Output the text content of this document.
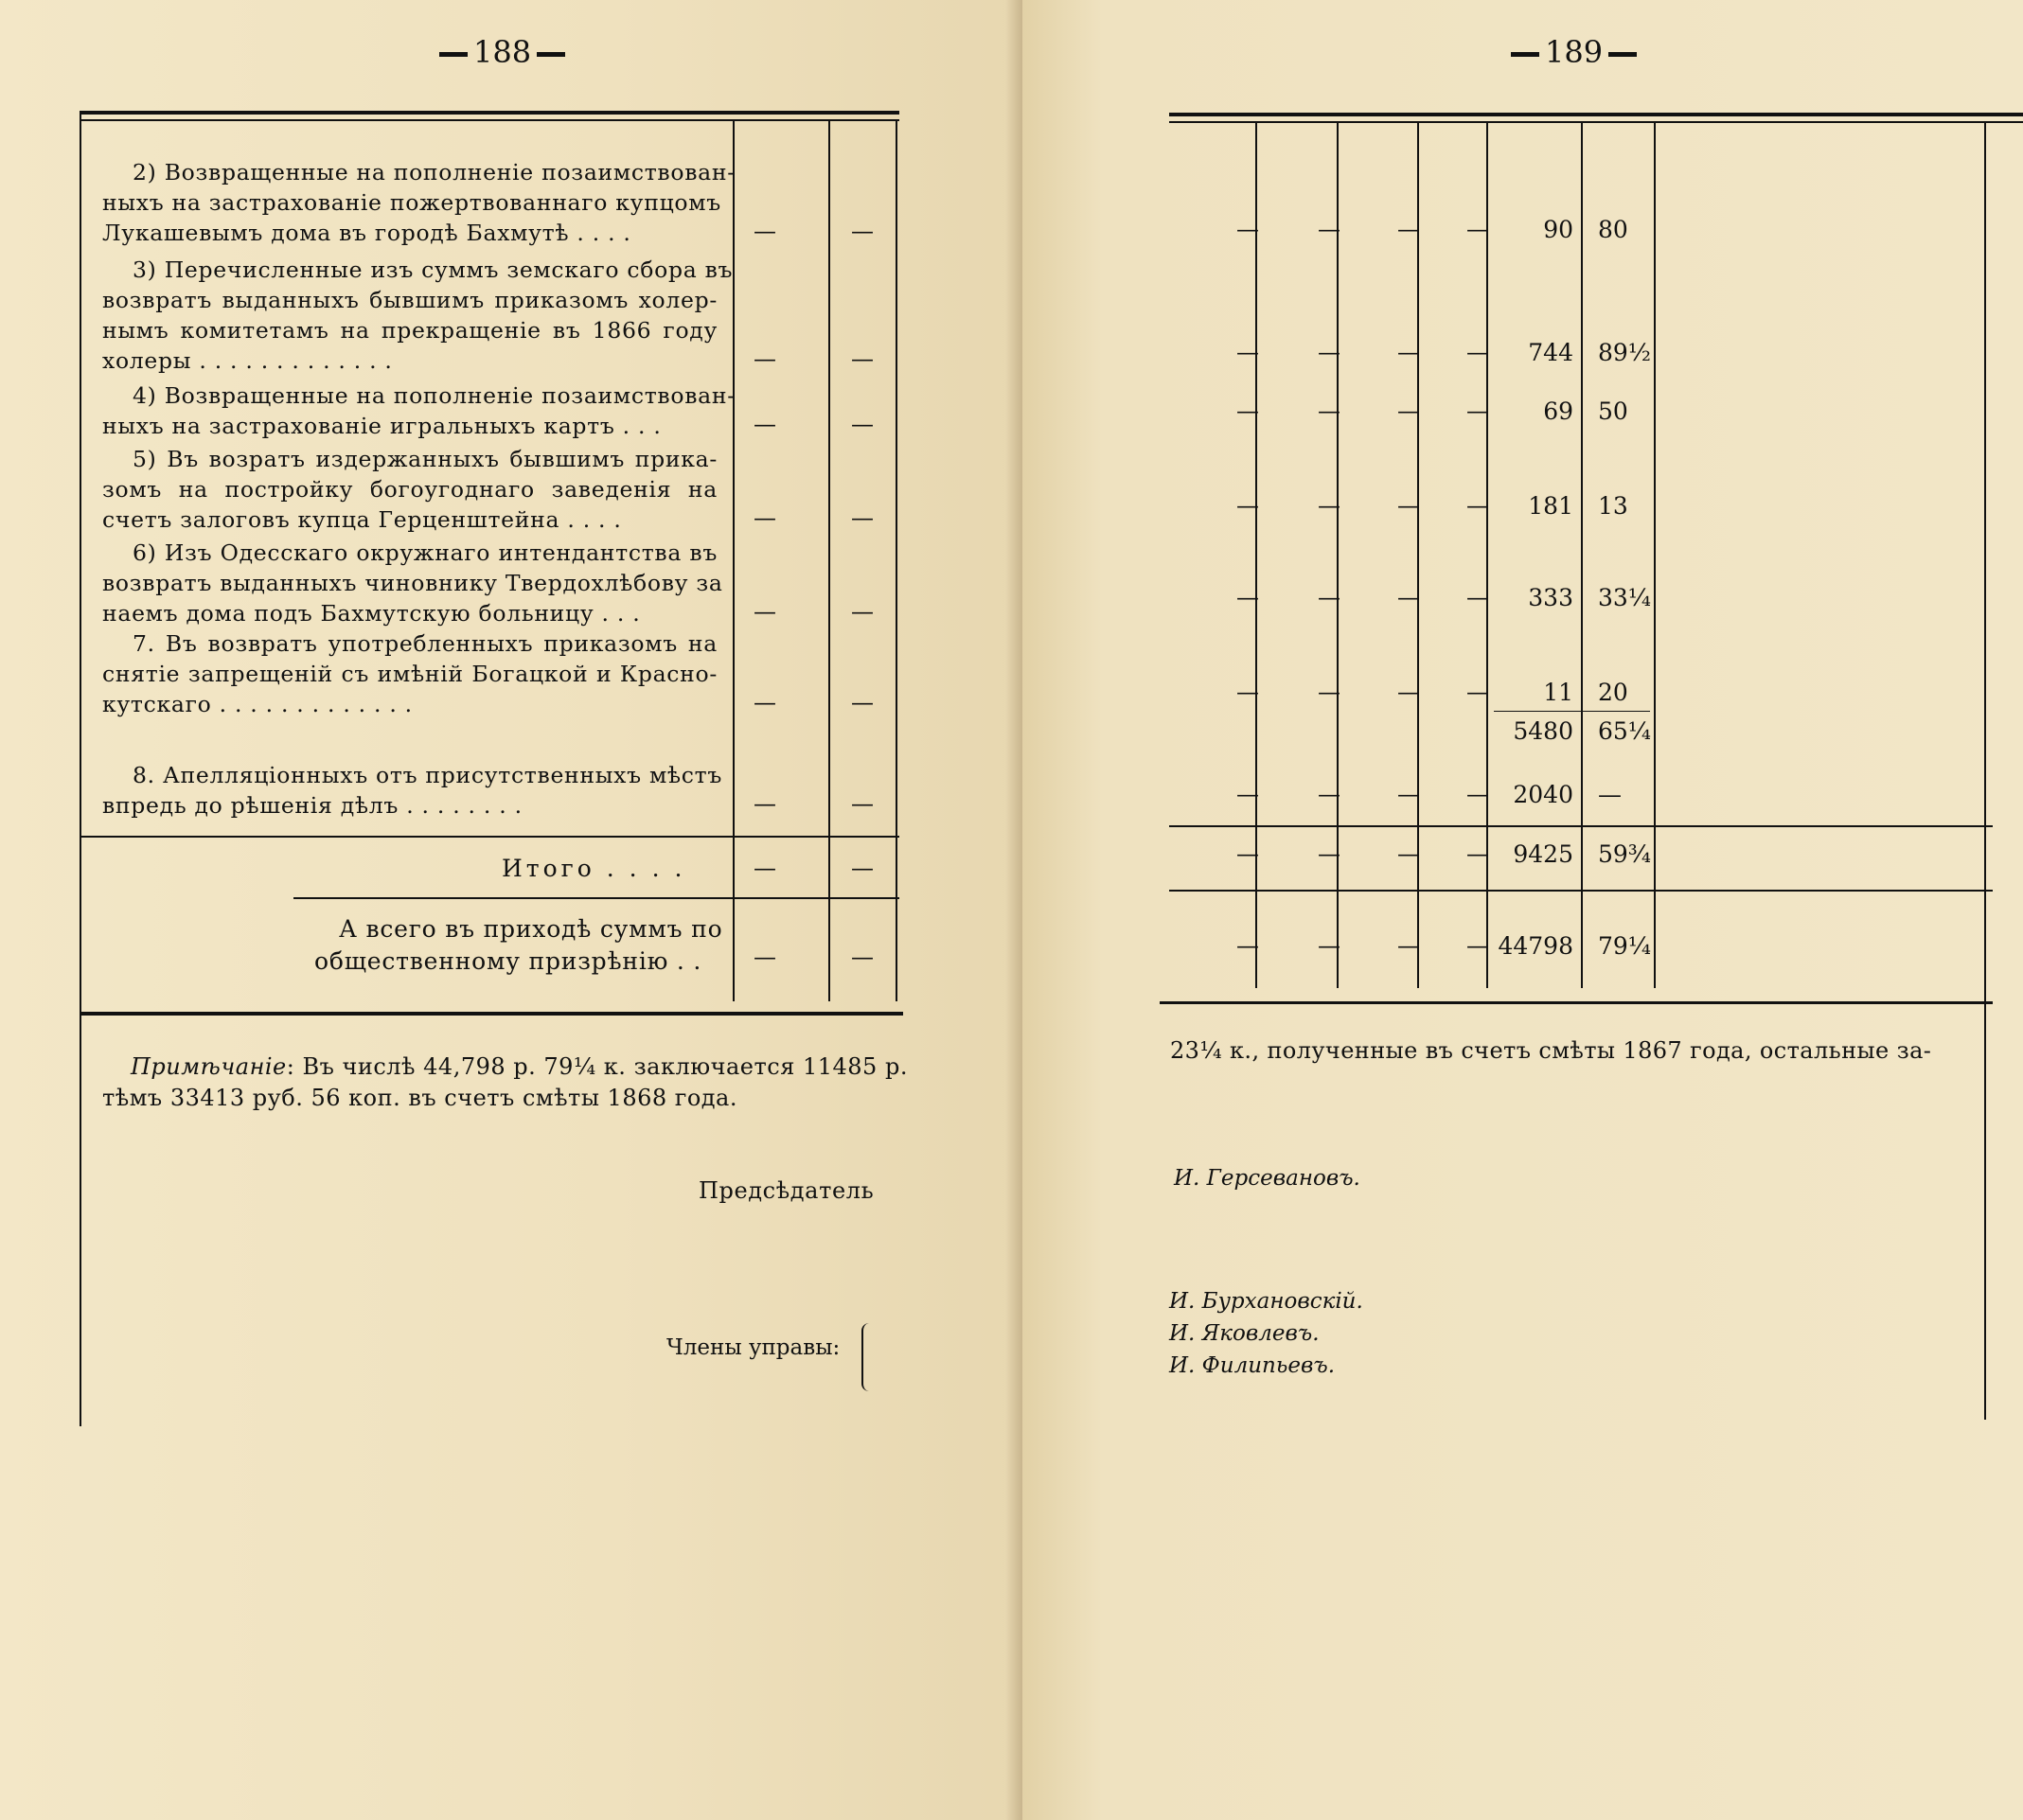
188
2) Возвращенные на пополненіе позаимствован-
ныхъ на застрахованіе пожертвованнаго купцомъ
Лукашевымъ дома въ городѣ Бахмутѣ . . . .	—	—
3) Перечисленные изъ суммъ земскаго сбора въ
возвратъ выданныхъ бывшимъ приказомъ холер-
нымъ комитетамъ на прекращеніе въ 1866 году
холеры . . . . . . . . . . . . .	—	—
4) Возвращенные на пополненіе позаимствован-
ныхъ на застрахованіе игральныхъ картъ . . .	—	—
5) Въ возратъ издержанныхъ бывшимъ прика-
зомъ на постройку богоугоднаго заведенія на
счетъ залоговъ купца Герценштейна . . . .	—	—
6) Изъ Одесскаго окружнаго интендантства въ
возвратъ выданныхъ чиновнику Твердохлѣбову за
наемъ дома подъ Бахмутскую больницу . . .	—	—
7. Въ возвратъ употребленныхъ приказомъ на
снятіе запрещеній съ имѣній Богацкой и Красно-
кутскаго . . . . . . . . . . . . .	—	—
8. Апелляціонныхъ отъ присутственныхъ мѣстъ
впредь до рѣшенія дѣлъ . . . . . . . .	—	—
Итого . . . .	—	—
А всего въ приходѣ суммъ по
общественному призрѣнію . .	—	—
Примѣчаніе: Въ числѣ 44,798 р. 79¼ к. заключается 11485 р.
тѣмъ 33413 руб. 56 коп. въ счетъ смѣты 1868 года.
Предсѣдатель
Члены управы:
189
—	—	—	—	90 80
—	—	—	—	744 89½
—	—	—	—	69 50
—	—	—	—	181 13
—	—	—	—	333 33¼
—	—	—	—	11 20
5480 65¼
—	—	—	—	2040 —
—	—	—	—	9425 59¾
—	—	—	— 44798 79¼
23¼ к., полученные въ счетъ смѣты 1867 года, остальные за-
И. Герсевановъ.
И. Бурхановскій.
И. Яковлевъ.
И. Филипьевъ.
